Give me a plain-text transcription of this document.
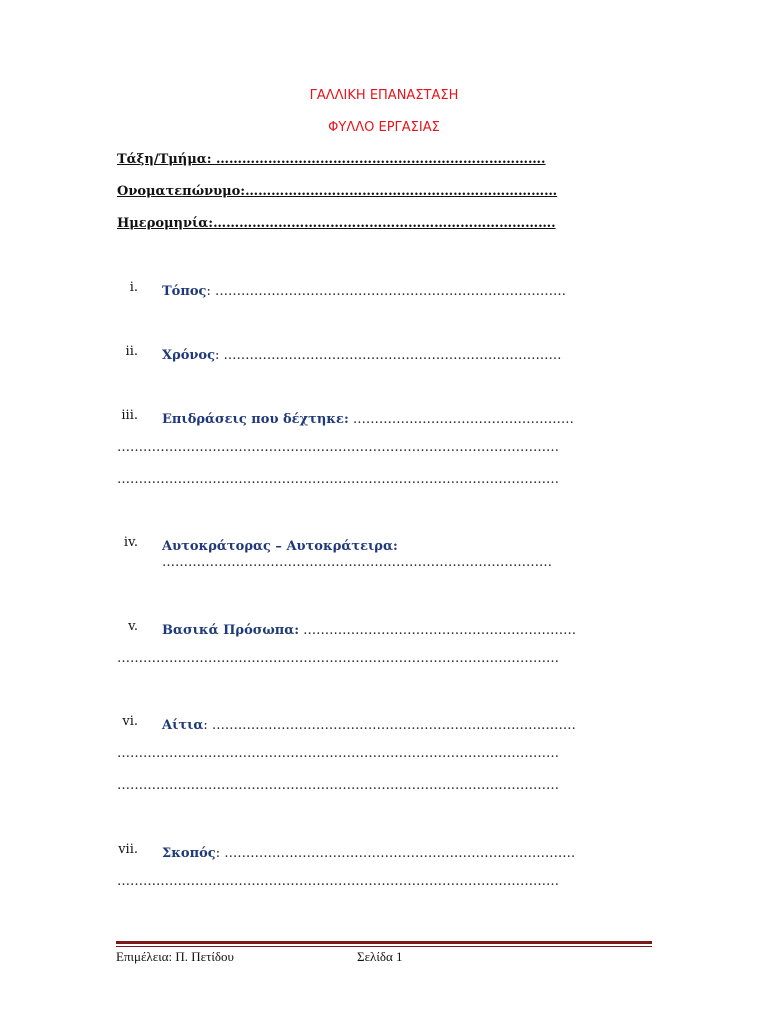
ΓΑΛΛΙΚΗ ΕΠΑΝΑΣΤΑΣΗ
ΦΥΛΛΟ ΕΡΓΑΣΙΑΣ
Τάξη/Τμήμα: ………………………………………………………………….
Ονοματεπώνυμο:………………………………………………………………
Ημερομηνία:…………………………………………………………………….
i. Τόπος: ………………………………………………………………………
ii. Χρόνος: ……………………………………………………………………
iii. Επιδράσεις που δέχτηκε: ……………………………………………
…………………………………………………………………………………………
…………………………………………………………………………………………
iv. Αυτοκράτορας – Αυτοκράτειρα:
………………………………………………………………………………
v. Βασικά Πρόσωπα: ………………………………………………………
…………………………………………………………………………………………
vi. Αίτια: …………………………………………………………………………
…………………………………………………………………………………………
…………………………………………………………………………………………
vii. Σκοπός: ………………………………………………………………………
…………………………………………………………………………………………
Επιμέλεια: Π. Πετίδου	Σελίδα 1
